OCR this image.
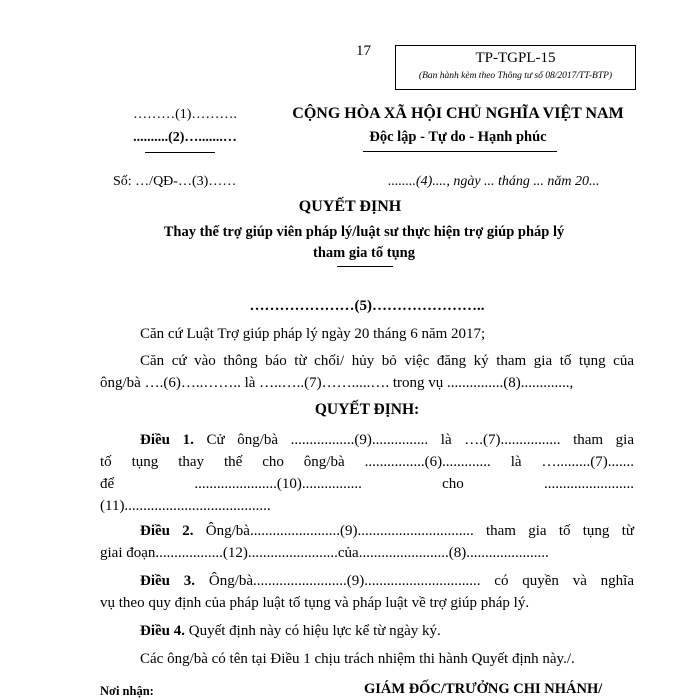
17	TP-TGPL-15
(Ban hành kèm theo Thông tư số 08/2017/TT-BTP)
………(1)……….
..........(2)….......…
CỘNG HÒA XÃ HỘI CHỦ NGHĨA VIỆT NAM
Độc lập - Tự do - Hạnh phúc
Số: …/QĐ-…(3)……	........(4)...., ngày ... tháng ... năm 20...
QUYẾT ĐỊNH
Thay thế trợ giúp viên pháp lý/luật sư thực hiện trợ giúp pháp lý
tham gia tố tụng
…………………(5)…………………..
Căn cứ Luật Trợ giúp pháp lý ngày 20 tháng 6 năm 2017;
Căn cứ vào thông báo từ chối/ hủy bỏ việc đăng ký tham gia tố tụng của
ông/bà ….(6)…..…….. là …..…..(7)…….....…. trong vụ ...............(8).............,
QUYẾT ĐỊNH:
Điều 1. Cử ông/bà .................(9)............... là ….(7)................ tham gia
tố tụng thay thế cho ông/bà ................(6)............. là ….........(7).......
để ......................(10)................ cho ........................
(11).......................................
Điều 2. Ông/bà........................(9)............................... tham gia tố tụng từ
giai đoạn..................(12)........................của........................(8)......................
Điều 3. Ông/bà.........................(9)............................... có quyền và nghĩa
vụ theo quy định của pháp luật tố tụng và pháp luật về trợ giúp pháp lý.
Điều 4. Quyết định này có hiệu lực kể từ ngày ký.
Các ông/bà có tên tại Điều 1 chịu trách nhiệm thi hành Quyết định này./.
Nơi nhận:	GIÁM ĐỐC/TRƯỞNG CHI NHÁNH/
